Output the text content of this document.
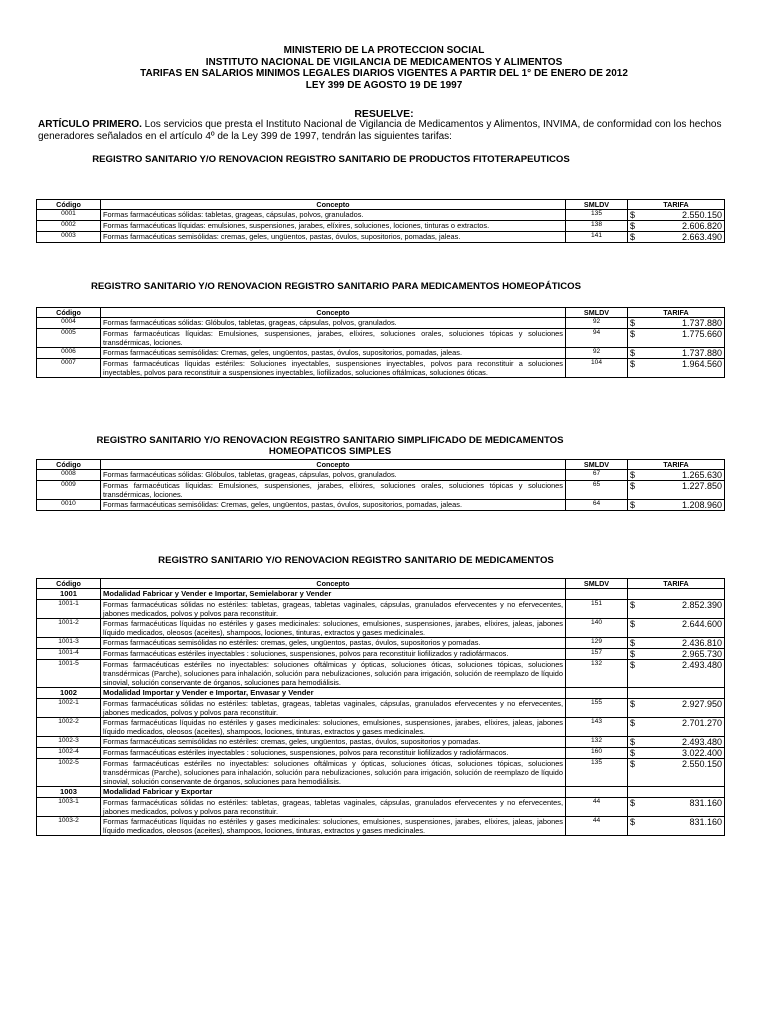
MINISTERIO DE LA PROTECCION SOCIAL
INSTITUTO NACIONAL DE VIGILANCIA DE MEDICAMENTOS Y ALIMENTOS
TARIFAS EN SALARIOS MINIMOS LEGALES DIARIOS VIGENTES A PARTIR DEL 1° DE ENERO DE 2012
LEY 399 DE AGOSTO 19 DE 1997
RESUELVE:
ARTÍCULO PRIMERO. Los servicios que presta el Instituto Nacional de Vigilancia de Medicamentos y Alimentos, INVIMA, de conformidad con los hechos generadores señalados en el artículo 4º de la Ley 399 de 1997, tendrán las siguientes tarifas:
REGISTRO SANITARIO Y/O RENOVACION REGISTRO SANITARIO DE PRODUCTOS FITOTERAPEUTICOS
Código	Concepto	SMLDV	TARIFA
0001	Formas farmacéuticas sólidas: tabletas, grageas, cápsulas, polvos, granulados.	135	$ 2.550.150

0002	Formas farmacéuticas líquidas: emulsiones, suspensiones, jarabes, elíxires, soluciones, lociones, tinturas o extractos.	138	$ 2.606.820

0003	Formas farmacéuticas semisólidas: cremas, geles, ungüentos, pastas, óvulos, supositorios, pomadas, jaleas.	141	$ 2.663.490
REGISTRO SANITARIO Y/O RENOVACION REGISTRO SANITARIO PARA MEDICAMENTOS HOMEOPÁTICOS
Código	Concepto	SMLDV	TARIFA
0004	Formas farmacéuticas sólidas: Glóbulos, tabletas, grageas, cápsulas, polvos, granulados.	92	$ 1.737.880

0005	Formas farmacéuticas líquidas: Emulsiones, suspensiones, jarabes, elíxires, soluciones orales, soluciones tópicas y soluciones transdérmicas, lociones.	94	$ 1.775.660

0006	Formas farmacéuticas semisólidas: Cremas, geles, ungüentos, pastas, óvulos, supositorios, pomadas, jaleas.	92	$ 1.737.880

0007	Formas farmacéuticas líquidas estériles: Soluciones inyectables, suspensiones inyectables, polvos para reconstituir a soluciones inyectables, polvos para reconstituir a suspensiones inyectables, liofilizados, soluciones oftálmicas, soluciones óticas.	104	$ 1.964.560
REGISTRO SANITARIO Y/O RENOVACION REGISTRO SANITARIO SIMPLIFICADO DE MEDICAMENTOS HOMEOPATICOS SIMPLES
Código	Concepto	SMLDV	TARIFA
0008	Formas farmacéuticas sólidas: Glóbulos, tabletas, grageas, cápsulas, polvos, granulados.	67	$ 1.265.630

0009	Formas farmacéuticas líquidas: Emulsiones, suspensiones, jarabes, elíxires, soluciones orales, soluciones tópicas y soluciones transdérmicas, lociones.	65	$ 1.227.850

0010	Formas farmacéuticas semisólidas: Cremas, geles, ungüentos, pastas, óvulos, supositorios, pomadas, jaleas.	64	$ 1.208.960
REGISTRO SANITARIO Y/O RENOVACION REGISTRO SANITARIO DE MEDICAMENTOS
Código	Concepto	SMLDV	TARIFA
1001	Modalidad Fabricar y Vender e Importar, Semielaborar y Vender		
1001-1	Formas farmacéuticas sólidas no estériles: tabletas, grageas, tabletas vaginales, cápsulas, granulados efervecentes y no efervecentes, jabones medicados, polvos y polvos para reconstituir.	151	$ 2.852.390

1001-2	Formas farmacéuticas líquidas no estériles y gases medicinales: soluciones, emulsiones, suspensiones, jarabes, elíxires, jaleas, jabones líquido medicados, oleosos (aceites), shampoos, lociones, tinturas, extractos y gases medicinales.	140	$ 2.644.600

1001-3	Formas farmacéuticas semisólidas no estériles: cremas, geles, ungüentos, pastas, óvulos, supositorios y pomadas.	129	$ 2.436.810

1001-4	Formas farmacéuticas estériles inyectables : soluciones, suspensiones, polvos para reconstituir liofilizados y radiofármacos.	157	$ 2.965.730

1001-5	Formas farmacéuticas estériles no inyectables: soluciones oftálmicas y ópticas, soluciones óticas, soluciones tópicas, soluciones transdérmicas (Parche), soluciones para inhalación, solución para nebulizaciones, solución para irrigación, solución de reemplazo de líquido sinovial, solución conservante de órganos, soluciones para hemodiálisis.	132	$ 2.493.480

1002	Modalidad Importar y Vender e Importar, Envasar y Vender		
1002-1	Formas farmacéuticas sólidas no estériles: tabletas, grageas, tabletas vaginales, cápsulas, granulados efervecentes y no efervecentes, jabones medicados, polvos y polvos para reconstituir.	155	$ 2.927.950

1002-2	Formas farmacéuticas líquidas no estériles y gases medicinales: soluciones, emulsiones, suspensiones, jarabes, elíxires, jaleas, jabones líquido medicados, oleosos (aceites), shampoos, lociones, tinturas, extractos y gases medicinales.	143	$ 2.701.270

1002-3	Formas farmacéuticas semisólidas no estériles: cremas, geles, ungüentos, pastas, óvulos, supositorios y pomadas.	132	$ 2.493.480

1002-4	Formas farmacéuticas estériles inyectables : soluciones, suspensiones, polvos para reconstituir liofilizados y radiofármacos.	160	$ 3.022.400

1002-5	Formas farmacéuticas estériles no inyectables: soluciones oftálmicas y ópticas, soluciones óticas, soluciones tópicas, soluciones transdérmicas (Parche), soluciones para inhalación, solución para nebulizaciones, solución para irrigación, solución de reemplazo de líquido sinovial, solución conservante de órganos, soluciones para hemodiálisis.	135	$ 2.550.150

1003	Modalidad Fabricar y Exportar		
1003-1	Formas farmacéuticas sólidas no estériles: tabletas, grageas, tabletas vaginales, cápsulas, granulados efervecentes y no efervecentes, jabones medicados, polvos y polvos para reconstituir.	44	$ 831.160

1003-2	Formas farmacéuticas líquidas no estériles y gases medicinales: soluciones, emulsiones, suspensiones, jarabes, elíxires, jaleas, jabones líquido medicados, oleosos (aceites), shampoos, lociones, tinturas, extractos y gases medicinales.	44	$ 831.160
